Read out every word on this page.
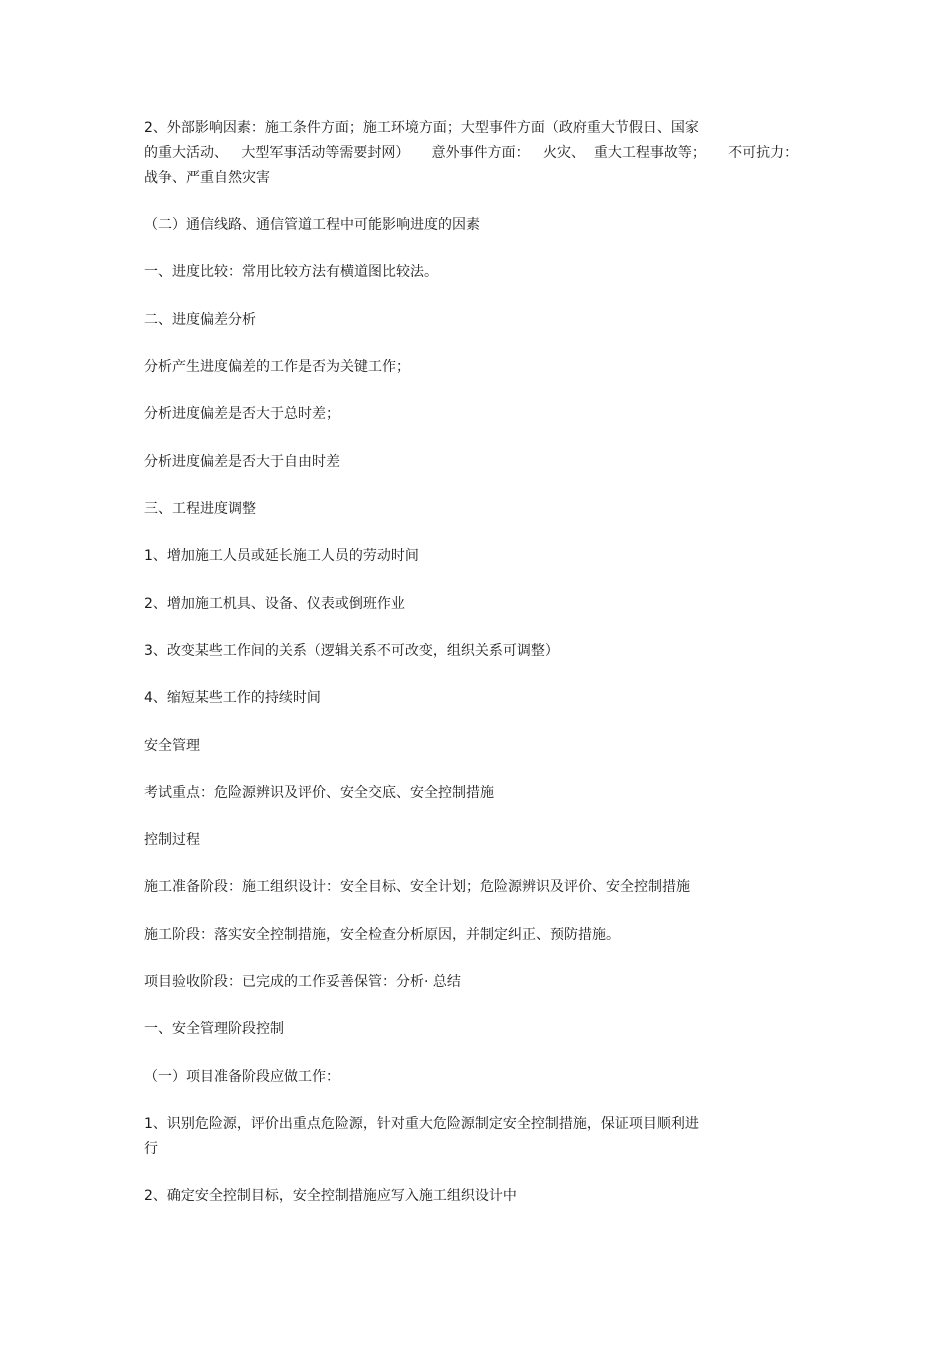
2、外部影响因素：施工条件方面；施工环境方面；大型事件方面（政府重大节假日、国家
的重大活动、   大型军事活动等需要封网）     意外事件方面：   火灾、  重大工程事故等；     不可抗力：
战争、严重自然灾害

（二）通信线路、通信管道工程中可能影响进度的因素

一、进度比较：常用比较方法有横道图比较法。

二、进度偏差分析

分析产生进度偏差的工作是否为关键工作；

分析进度偏差是否大于总时差；

分析进度偏差是否大于自由时差

三、工程进度调整

1、增加施工人员或延长施工人员的劳动时间

2、增加施工机具、设备、仪表或倒班作业

3、改变某些工作间的关系（逻辑关系不可改变，组织关系可调整）

4、缩短某些工作的持续时间

安全管理

考试重点：危险源辨识及评价、安全交底、安全控制措施

控制过程

施工准备阶段：施工组织设计：安全目标、安全计划；危险源辨识及评价、安全控制措施

施工阶段：落实安全控制措施，安全检查分析原因，并制定纠正、预防措施。

项目验收阶段：已完成的工作妥善保管：分析· 总结

一、安全管理阶段控制

（一）项目准备阶段应做工作：

1、识别危险源，评价出重点危险源，针对重大危险源制定安全控制措施，保证项目顺利进
行

2、确定安全控制目标，安全控制措施应写入施工组织设计中
